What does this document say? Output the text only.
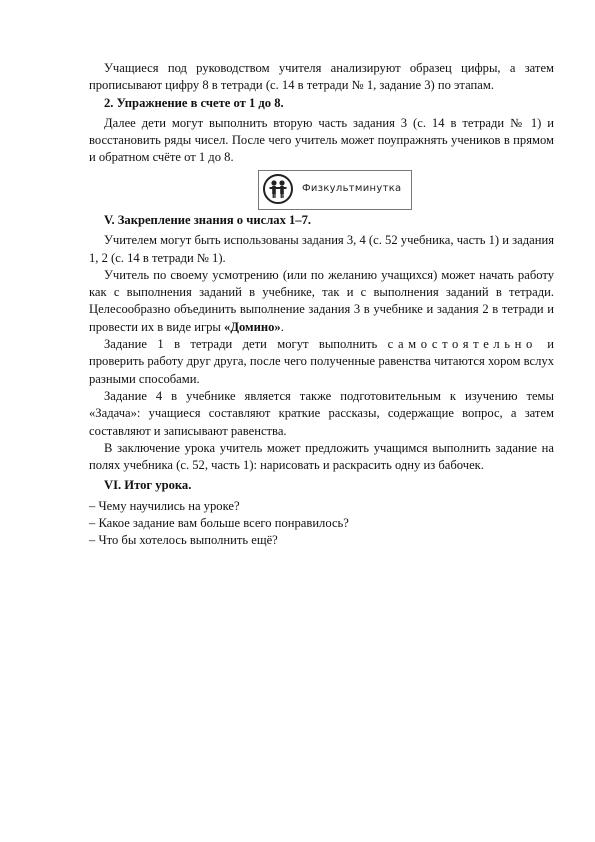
Учащиеся под руководством учителя анализируют образец цифры, а затем прописывают цифру 8 в тетради (с. 14 в тетради № 1, задание 3) по этапам.

2. Упражнение в счете от 1 до 8.

Далее дети могут выполнить вторую часть задания 3 (с. 14 в тетради № 1) и восстановить ряды чисел. После чего учитель может поупражнять учеников в прямом и обратном счёте от 1 до 8.

Физкультминутка

V. Закрепление знания о числах 1–7.

Учителем могут быть использованы задания 3, 4 (с. 52 учебника, часть 1) и задания 1, 2 (с. 14 в тетради № 1).

Учитель по своему усмотрению (или по желанию учащихся) может начать работу как с выполнения заданий в учебнике, так и с выполнения заданий в тетради. Целесообразно объединить выполнение задания 3 в учебнике и задания 2 в тетради и провести их в виде игры «Домино».

Задание 1 в тетради дети могут выполнить самостоятельно и проверить работу друг друга, после чего полученные равенства читаются хором вслух разными способами.

Задание 4 в учебнике является также подготовительным к изучению темы «Задача»: учащиеся составляют краткие рассказы, содержащие вопрос, а затем составляют и записывают равенства.

В заключение урока учитель может предложить учащимся выполнить задание на полях учебника (с. 52, часть 1): нарисовать и раскрасить одну из бабочек.

VI. Итог урока.

– Чему научились на уроке?

– Какое задание вам больше всего понравилось?

– Что бы хотелось выполнить ещё?
